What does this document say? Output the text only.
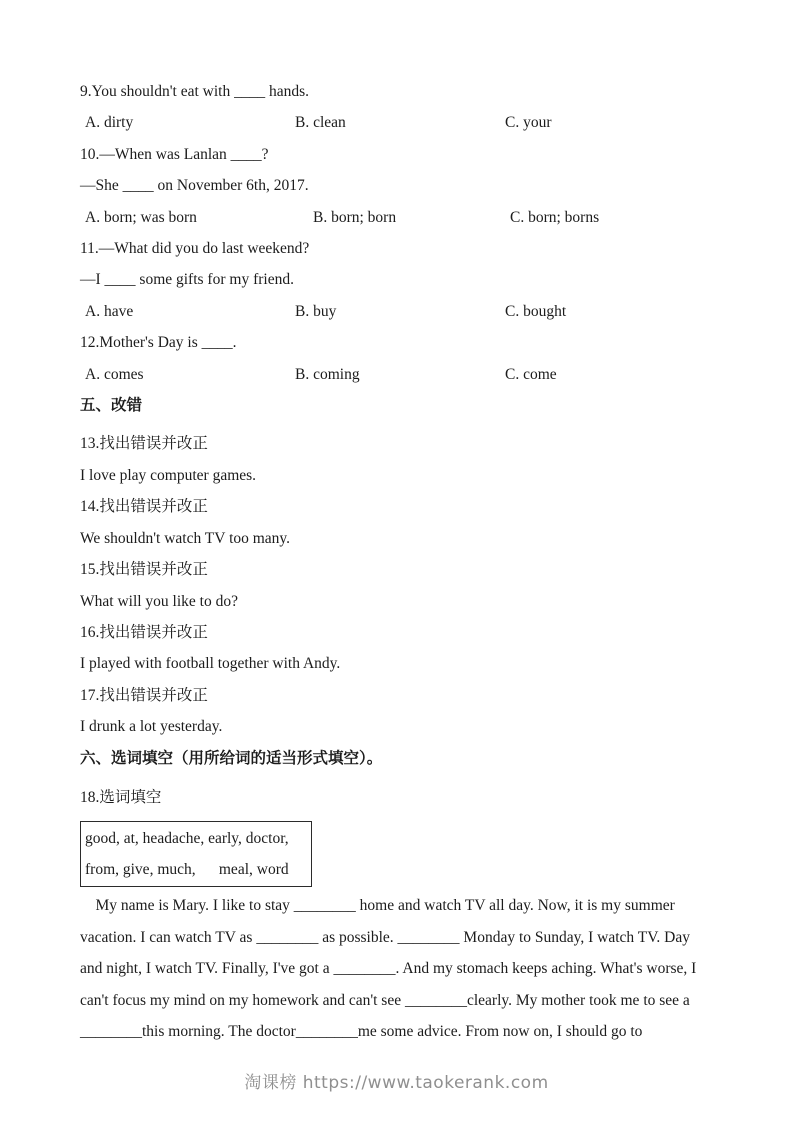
9.You shouldn't eat with ____ hands.
A. dirty	B. clean	C. your
10.—When was Lanlan ____?
—She ____ on November 6th, 2017.
A. born; was born	B. born; born	C. born; borns
11.—What did you do last weekend?
—I ____ some gifts for my friend.
A. have	B. buy	C. bought
12.Mother's Day is ____.
A. comes	B. coming	C. come
五、改错
13.找出错误并改正
I love play computer games.
14.找出错误并改正
We shouldn't watch TV too many.
15.找出错误并改正
What will you like to do?
16.找出错误并改正
I played with football together with Andy.
17.找出错误并改正
I drunk a lot yesterday.
六、选词填空（用所给词的适当形式填空）。
18.选词填空
good, at, headache, early, doctor,
from, give, much,      meal, word
My name is Mary. I like to stay ________ home and watch TV all day. Now, it is my summer
vacation. I can watch TV as ________ as possible. ________ Monday to Sunday, I watch TV. Day
and night, I watch TV. Finally, I've got a ________. And my stomach keeps aching. What's worse, I
can't focus my mind on my homework and can't see ________clearly. My mother took me to see a
________this morning. The doctor________me some advice. From now on, I should go to
淘课榜 https://www.taokerank.com
